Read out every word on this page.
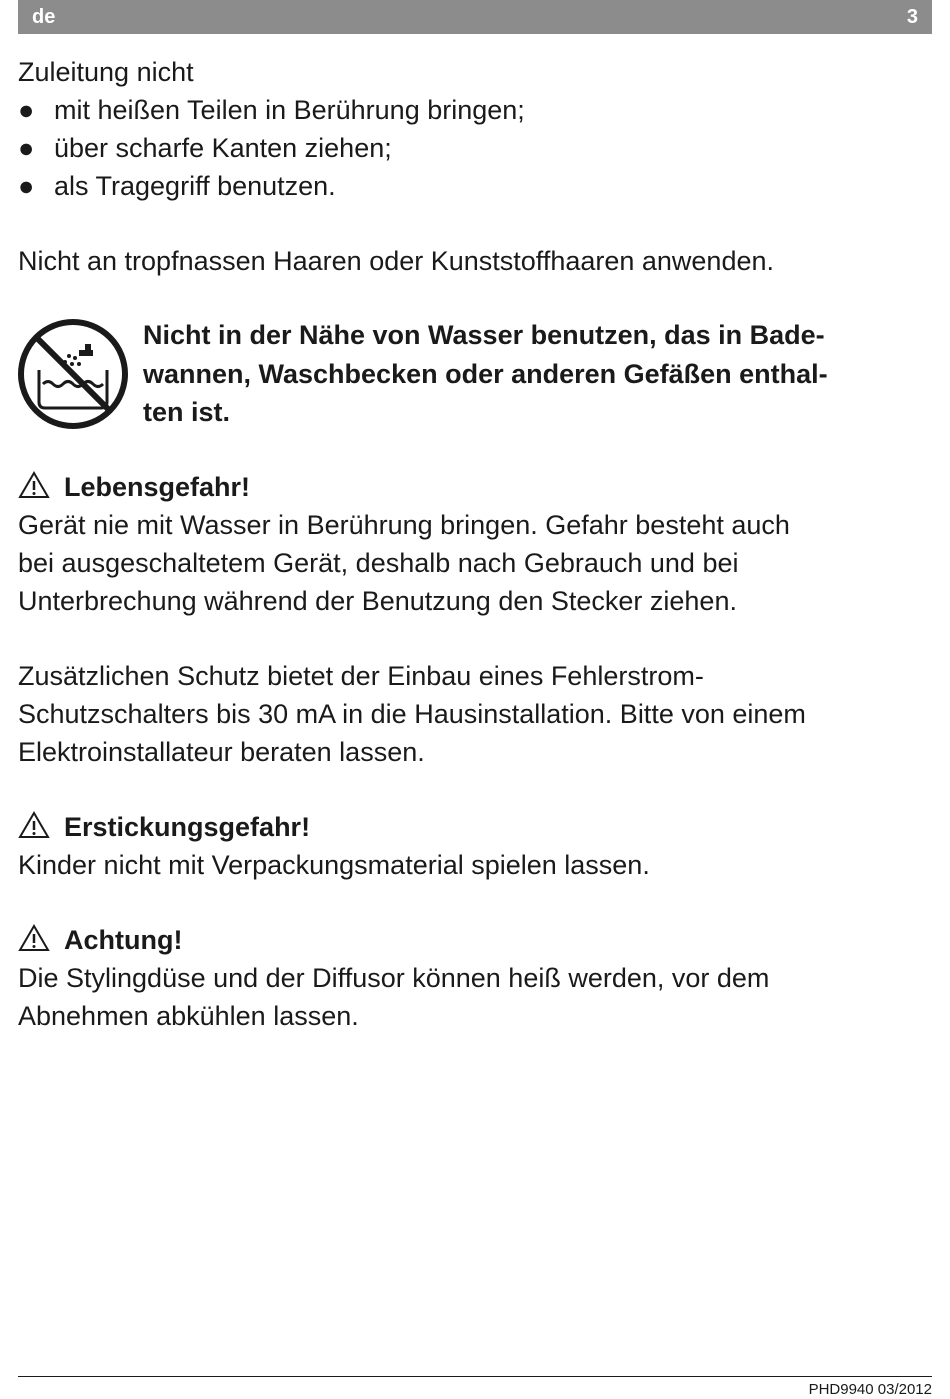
de	3
Zuleitung nicht
● mit heißen Teilen in Berührung bringen;
● über scharfe Kanten ziehen;
● als Tragegriff benutzen.
Nicht an tropfnassen Haaren oder Kunststoffhaaren anwenden.
Nicht in der Nähe von Wasser benutzen, das in Bade-
wannen, Waschbecken oder anderen Gefäßen enthal-
ten ist.
Lebensgefahr!
Gerät nie mit Wasser in Berührung bringen. Gefahr besteht auch
bei ausgeschaltetem Gerät, deshalb nach Gebrauch und bei
Unterbrechung während der Benutzung den Stecker ziehen.
Zusätzlichen Schutz bietet der Einbau eines Fehlerstrom-
Schutzschalters bis 30 mA in die Hausinstallation. Bitte von einem
Elektroinstallateur beraten lassen.
Erstickungsgefahr!
Kinder nicht mit Verpackungsmaterial spielen lassen.
Achtung!
Die Stylingdüse und der Diffusor können heiß werden, vor dem
Abnehmen abkühlen lassen.
PHD9940 03/2012
